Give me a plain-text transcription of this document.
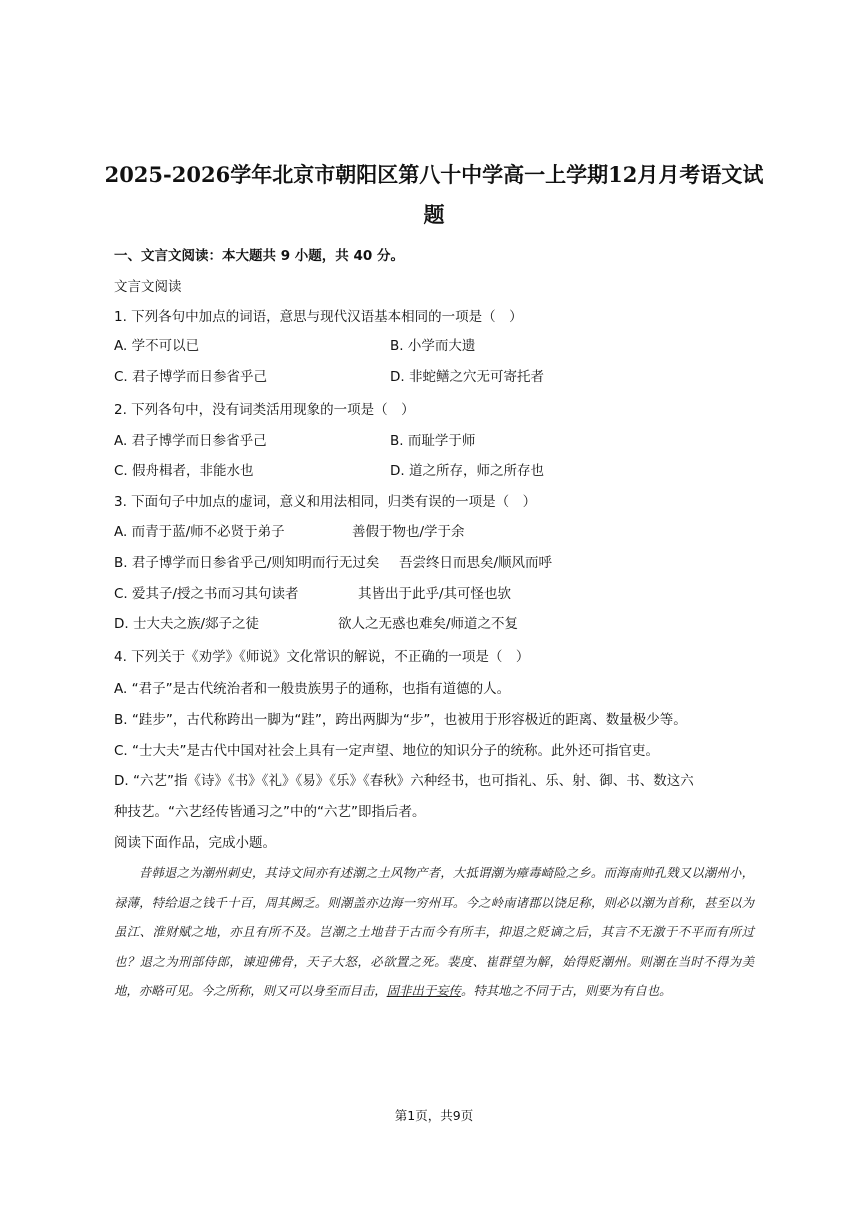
2025-2026学年北京市朝阳区第八十中学高一上学期12月月考语文试
题
一、文言文阅读：本大题共 9 小题，共 40 分。
文言文阅读
1. 下列各句中加点的词语，意思与现代汉语基本相同的一项是（　）
A. 学不可以已	B. 小学而大遗
C. 君子博学而日参省乎己	D. 非蛇鳝之穴无可寄托者
2. 下列各句中，没有词类活用现象的一项是（　）
A. 君子博学而日参省乎己	B. 而耻学于师
C. 假舟楫者，非能水也	D. 道之所存，师之所存也
3. 下面句子中加点的虚词，意义和用法相同，归类有误的一项是（　）
A. 而青于蓝/师不必贤于弟子	善假于物也/学于余
B. 君子博学而日参省乎己/则知明而行无过矣 吾尝终日而思矣/顺风而呼
C. 爱其子/授之书而习其句读者	其皆出于此乎/其可怪也欤
D. 士大夫之族/郯子之徒	欲人之无惑也难矣/师道之不复
4. 下列关于《劝学》《师说》文化常识的解说，不正确的一项是（　）
A. “君子”是古代统治者和一般贵族男子的通称，也指有道德的人。
B. “跬步”，古代称跨出一脚为“跬”，跨出两脚为“步”，也被用于形容极近的距离、数量极少等。
C. “士大夫”是古代中国对社会上具有一定声望、地位的知识分子的统称。此外还可指官吏。
D. “六艺”指《诗》《书》《礼》《易》《乐》《春秋》六种经书，也可指礼、乐、射、御、书、数这六
种技艺。“六艺经传皆通习之”中的“六艺”即指后者。
阅读下面作品，完成小题。

昔韩退之为潮州刺史，其诗文间亦有述潮之土风物产者，大抵谓潮为瘴毒崎险之乡。而海南帅孔戣又以潮州小，禄薄，特给退之钱千十百，周其阙乏。则潮盖亦边海一穷州耳。今之岭南诸郡以饶足称，则必以潮为首称，甚至以为虽江、淮财赋之地，亦且有所不及。岂潮之土地昔于古而今有所丰，抑退之贬谪之后，其言不无激于不平而有所过也？退之为刑部侍郎，谏迎佛骨，天子大怒，必欲置之死。裴度、崔群望为解，始得贬潮州。则潮在当时不得为美地，亦略可见。今之所称，则又可以身至而目击，固非出于妄传。特其地之不同于古，则要为有自也。

第1页，共9页
